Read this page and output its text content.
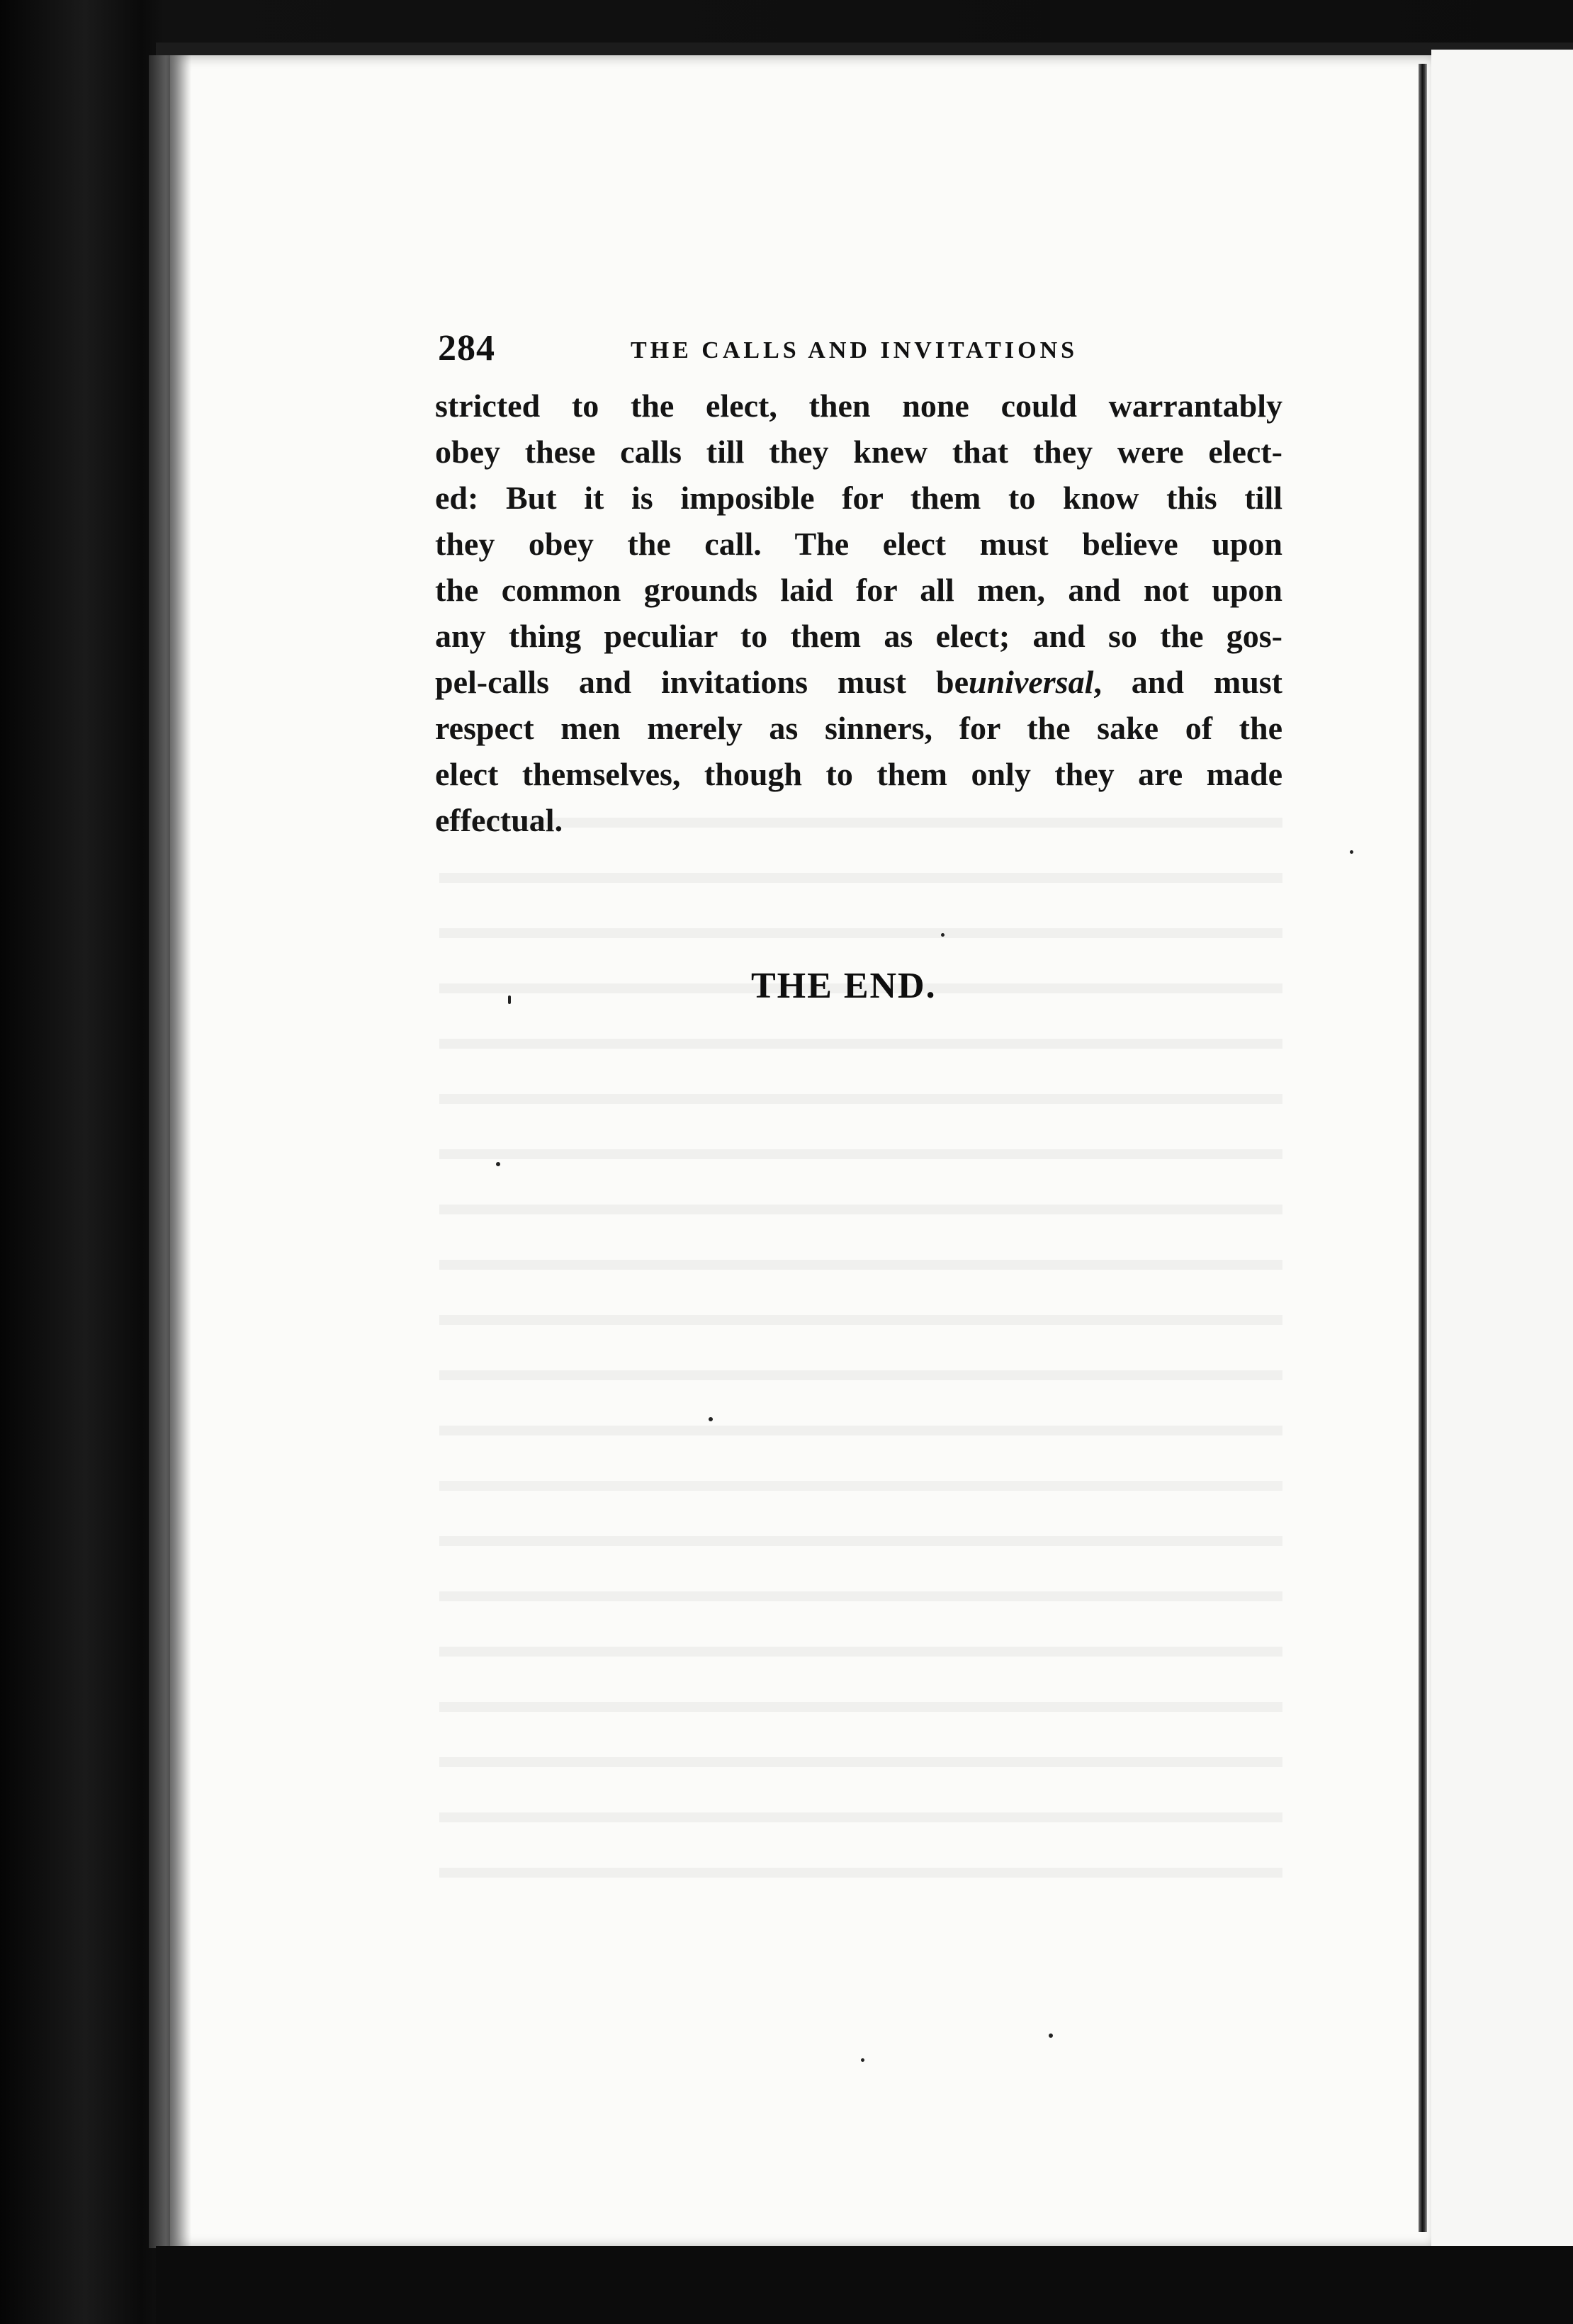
284	THE CALLS AND INVITATIONS
stricted to the elect, then none could warrantably
obey these calls till they knew that they were elect-
ed: But it is imposible for them to know this till
they obey the call. The elect must believe upon
the common grounds laid for all men, and not upon
any thing peculiar to them as elect; and so the gos-
pel-calls and invitations must beuniversal, and must
respect men merely as sinners, for the sake of the
elect themselves, though to them only they are made
effectual.
THE END.
